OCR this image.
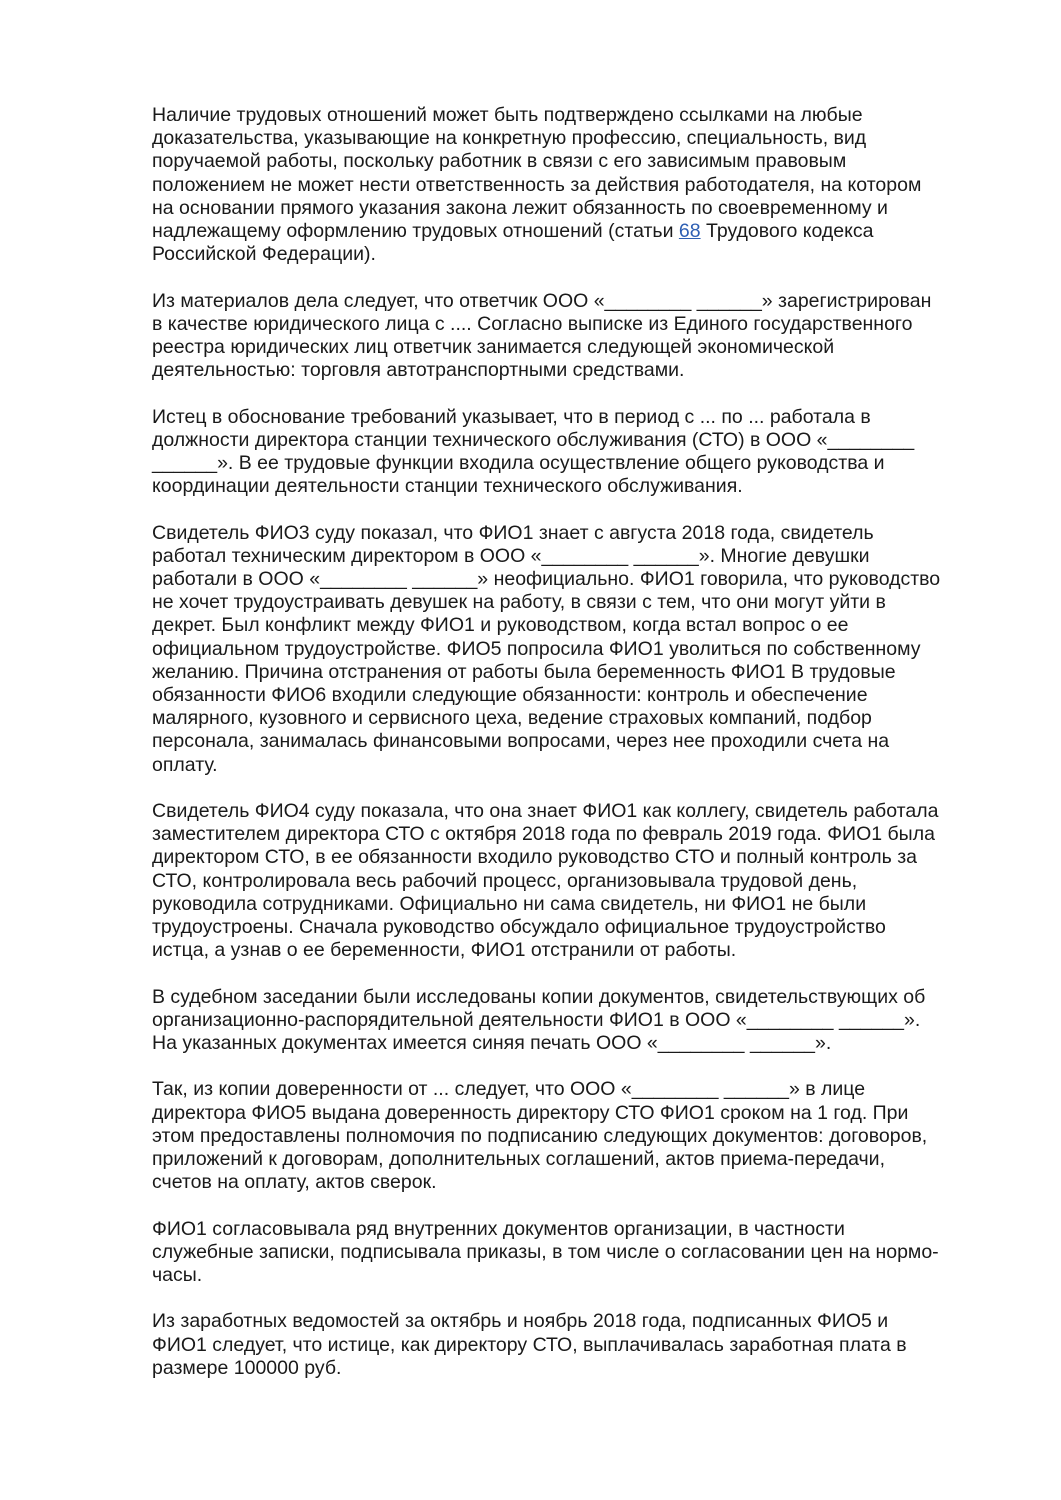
Наличие трудовых отношений может быть подтверждено ссылками на любые
доказательства, указывающие на конкретную профессию, специальность, вид
поручаемой работы, поскольку работник в связи с его зависимым правовым
положением не может нести ответственность за действия работодателя, на котором
на основании прямого указания закона лежит обязанность по своевременному и
надлежащему оформлению трудовых отношений (статьи 68 Трудового кодекса
Российской Федерации).

Из материалов дела следует, что ответчик ООО «________ ______» зарегистрирован
в качестве юридического лица с .... Согласно выписке из Единого государственного
реестра юридических лиц ответчик занимается следующей экономической
деятельностью: торговля автотранспортными средствами.

Истец в обоснование требований указывает, что в период с ... по ... работала в
должности директора станции технического обслуживания (СТО) в ООО «________
______». В ее трудовые функции входила осуществление общего руководства и
координации деятельности станции технического обслуживания.

Свидетель ФИО3 суду показал, что ФИО1 знает с августа 2018 года, свидетель
работал техническим директором в ООО «________ ______». Многие девушки
работали в ООО «________ ______» неофициально. ФИО1 говорила, что руководство
не хочет трудоустраивать девушек на работу, в связи с тем, что они могут уйти в
декрет. Был конфликт между ФИО1 и руководством, когда встал вопрос о ее
официальном трудоустройстве. ФИО5 попросила ФИО1 уволиться по собственному
желанию. Причина отстранения от работы была беременность ФИО1 В трудовые
обязанности ФИО6 входили следующие обязанности: контроль и обеспечение
малярного, кузовного и сервисного цеха, ведение страховых компаний, подбор
персонала, занималась финансовыми вопросами, через нее проходили счета на
оплату.

Свидетель ФИО4 суду показала, что она знает ФИО1 как коллегу, свидетель работала
заместителем директора СТО с октября 2018 года по февраль 2019 года. ФИО1 была
директором СТО, в ее обязанности входило руководство СТО и полный контроль за
СТО, контролировала весь рабочий процесс, организовывала трудовой день,
руководила сотрудниками. Официально ни сама свидетель, ни ФИО1 не были
трудоустроены. Сначала руководство обсуждало официальное трудоустройство
истца, а узнав о ее беременности, ФИО1 отстранили от работы.

В судебном заседании были исследованы копии документов, свидетельствующих об
организационно-распорядительной деятельности ФИО1 в ООО «________ ______».
На указанных документах имеется синяя печать ООО «________ ______».

Так, из копии доверенности от ... следует, что ООО «________ ______» в лице
директора ФИО5 выдана доверенность директору СТО ФИО1 сроком на 1 год. При
этом предоставлены полномочия по подписанию следующих документов: договоров,
приложений к договорам, дополнительных соглашений, актов приема-передачи,
счетов на оплату, актов сверок.

ФИО1 согласовывала ряд внутренних документов организации, в частности
служебные записки, подписывала приказы, в том числе о согласовании цен на нормо-
часы.

Из заработных ведомостей за октябрь и ноябрь 2018 года, подписанных ФИО5 и
ФИО1 следует, что истице, как директору СТО, выплачивалась заработная плата в
размере 100000 руб.
